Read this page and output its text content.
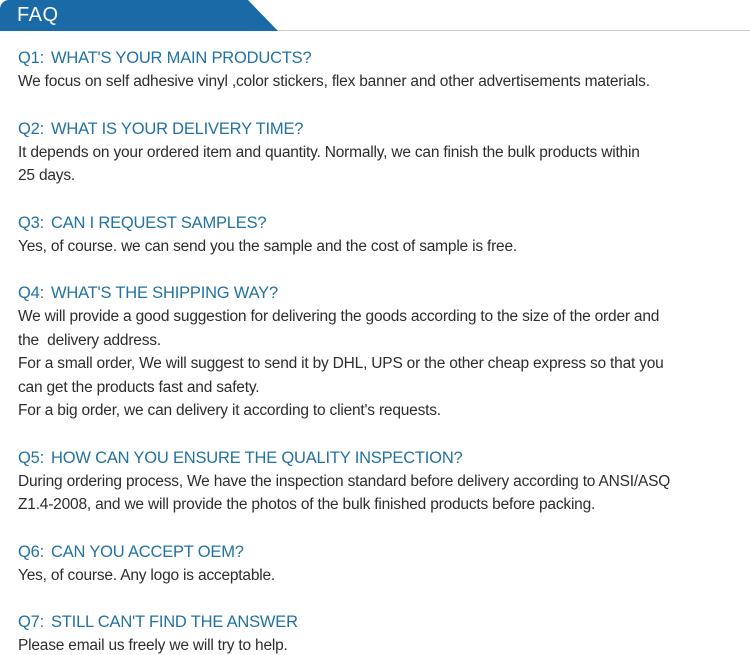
FAQ
Q1: WHAT'S YOUR MAIN PRODUCTS?
We focus on self adhesive vinyl ,color stickers, flex banner and other advertisements materials.
Q2: WHAT IS YOUR DELIVERY TIME?
It depends on your ordered item and quantity. Normally, we can finish the bulk products within
25 days.
Q3: CAN I REQUEST SAMPLES?
Yes, of course. we can send you the sample and the cost of sample is free.
Q4: WHAT'S THE SHIPPING WAY?
We will provide a good suggestion for delivering the goods according to the size of the order and
the  delivery address.
For a small order, We will suggest to send it by DHL, UPS or the other cheap express so that you
can get the products fast and safety.
For a big order, we can delivery it according to client's requests.
Q5: HOW CAN YOU ENSURE THE QUALITY INSPECTION?
During ordering process, We have the inspection standard before delivery according to ANSI/ASQ
Z1.4-2008, and we will provide the photos of the bulk finished products before packing.
Q6: CAN YOU ACCEPT OEM?
Yes, of course. Any logo is acceptable.
Q7: STILL CAN'T FIND THE ANSWER
Please email us freely we will try to help.
